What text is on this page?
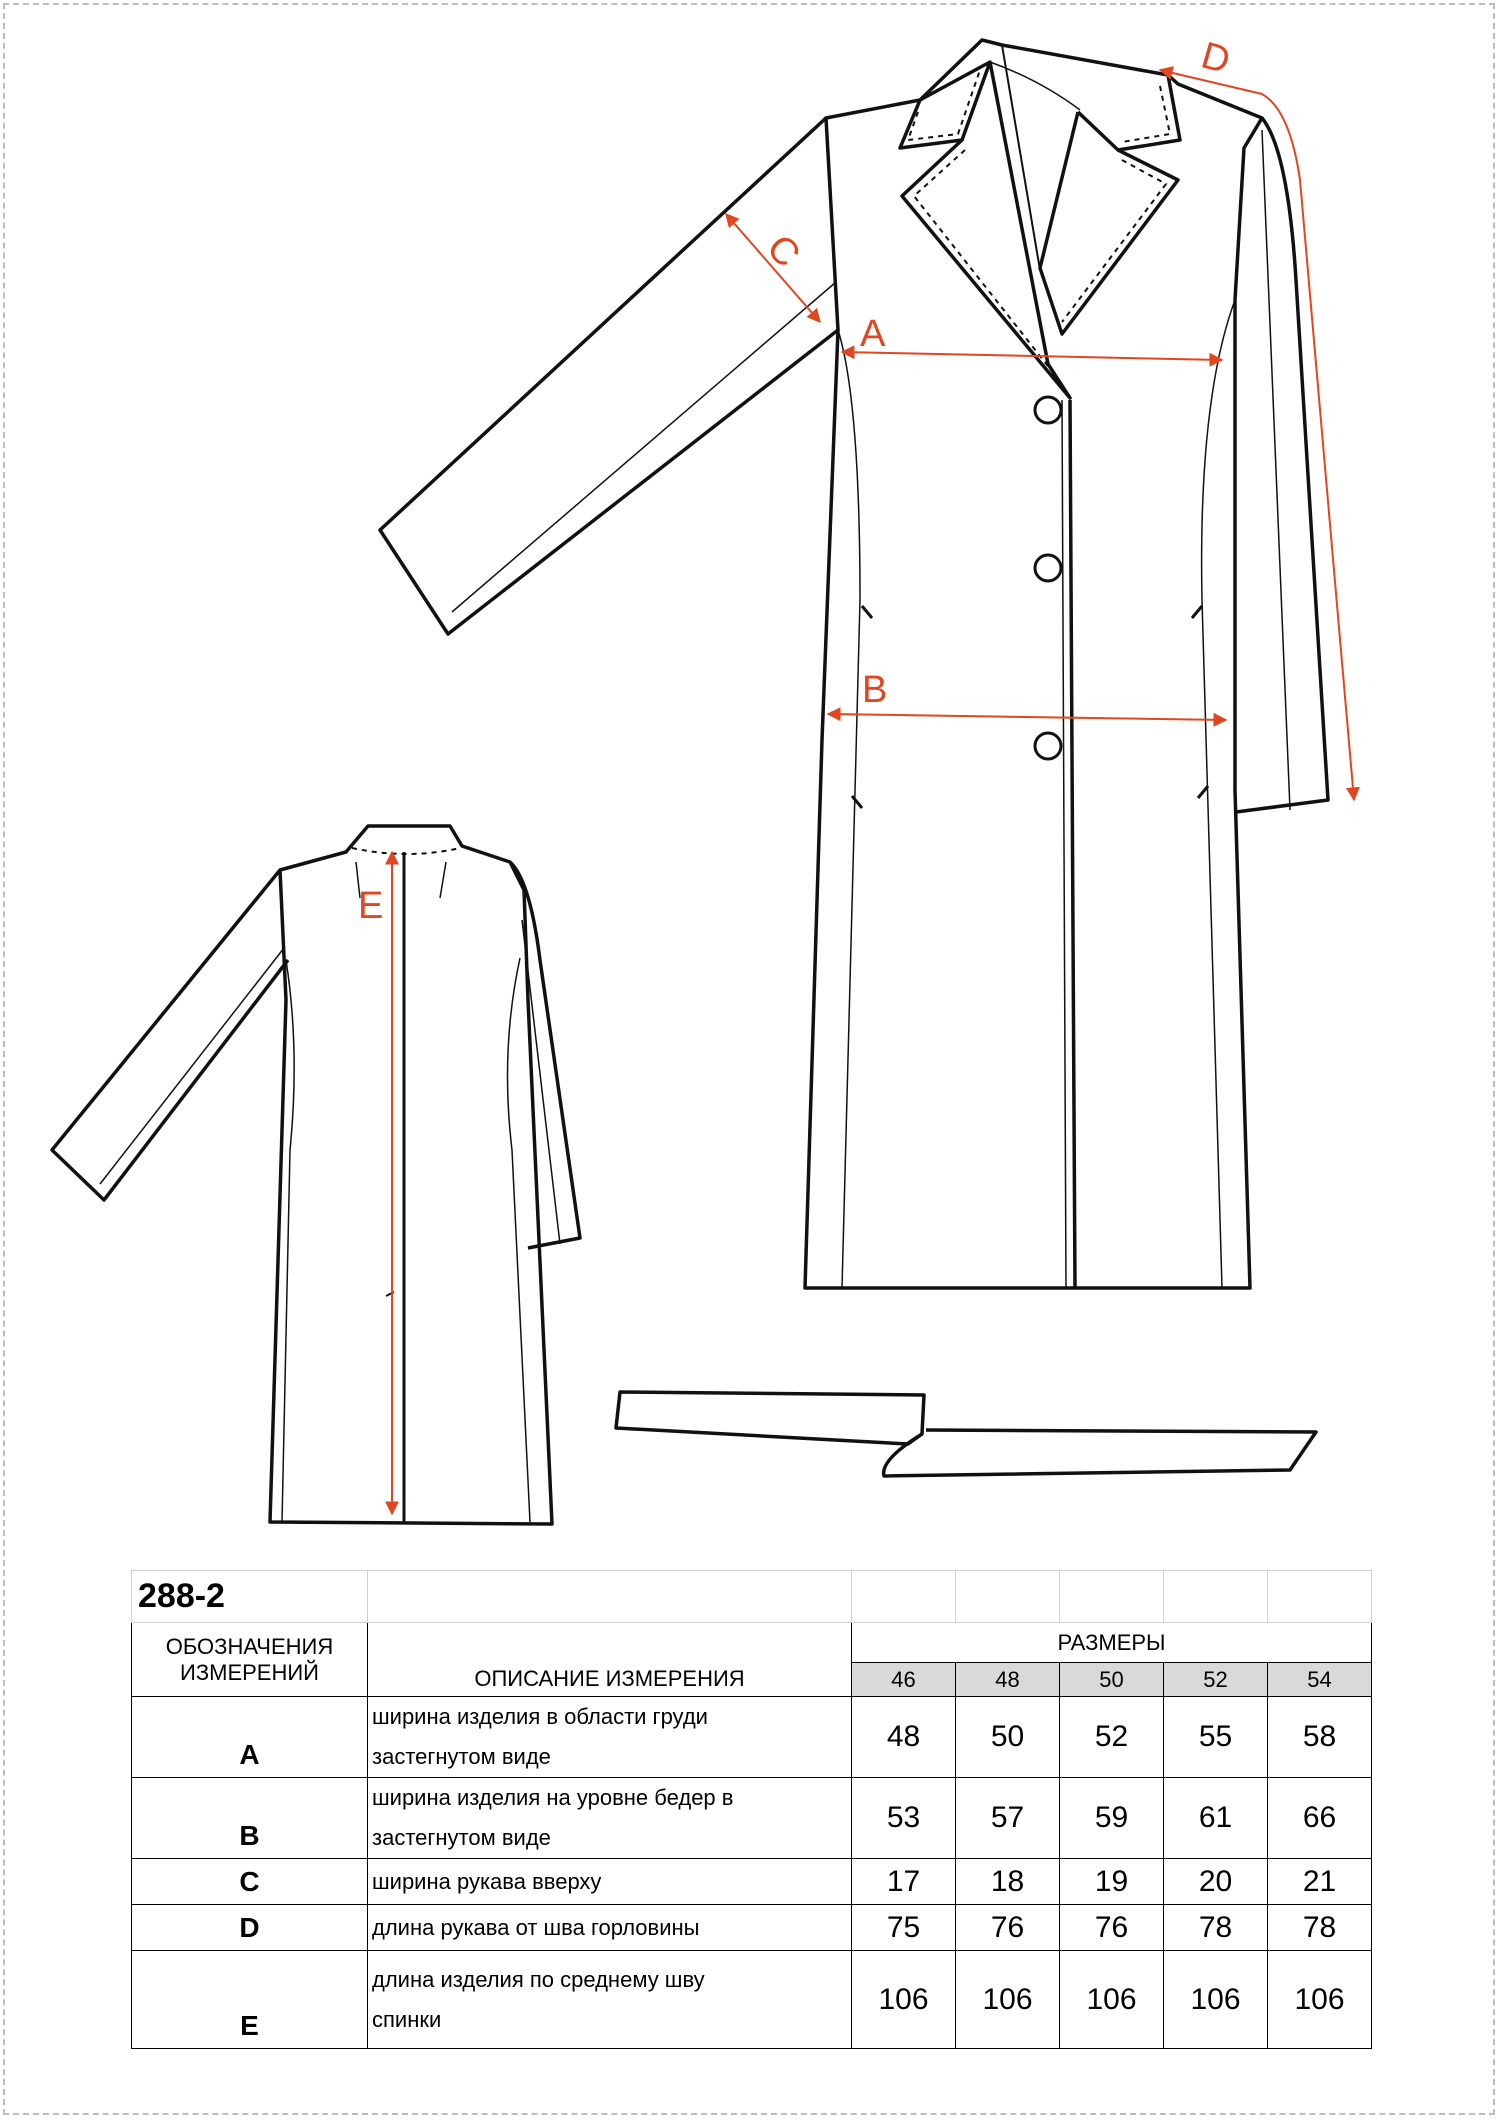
A
B
C
D
E
288-2						

ОБОЗНАЧЕНИЯ
ИЗМЕРЕНИЙ	ОПИСАНИЕ ИЗМЕРЕНИЯ	РАЗМЕРЫ				
		46	48	50	52	54
A	ширина изделия в области груди
застегнутом виде	48	50	52	55	58
B	ширина изделия на уровне бедер в
застегнутом виде	53	57	59	61	66
C	ширина рукава вверху	17	18	19	20	21
D	длина рукава от шва горловины	75	76	76	78	78
E	длина изделия по среднему шву
спинки	106	106	106	106	106
